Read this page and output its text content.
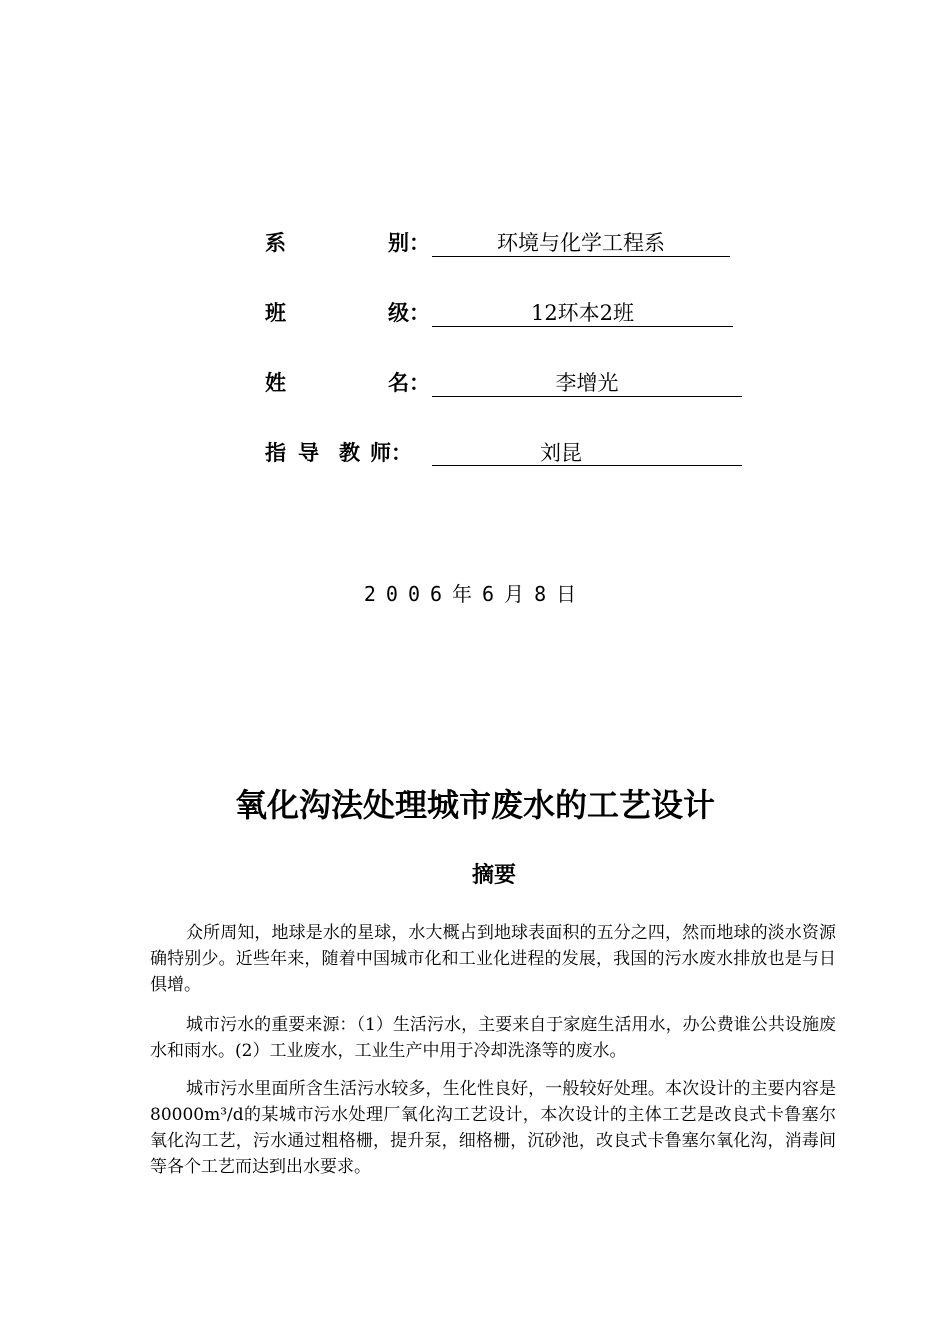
系	别：	环境与化学工程系
班	级：	12环本2班
姓	名：	李增光
指 导 教 师：	刘昆
2006年6月8日
氧化沟法处理城市废水的工艺设计
摘要

众所周知，地球是水的星球，水大概占到地球表面积的五分之四，然而地球的淡水资源确特别少。近些年来，随着中国城市化和工业化进程的发展，我国的污水废水排放也是与日俱增。

城市污水的重要来源：（1）生活污水，主要来自于家庭生活用水，办公费谁公共设施废水和雨水。(2）工业废水，工业生产中用于冷却洗涤等的废水。

城市污水里面所含生活污水较多，生化性良好，一般较好处理。本次设计的主要内容是80000m³/d的某城市污水处理厂氧化沟工艺设计，本次设计的主体工艺是改良式卡鲁塞尔氧化沟工艺，污水通过粗格栅，提升泵，细格栅，沉砂池，改良式卡鲁塞尔氧化沟，消毒间等各个工艺而达到出水要求。
